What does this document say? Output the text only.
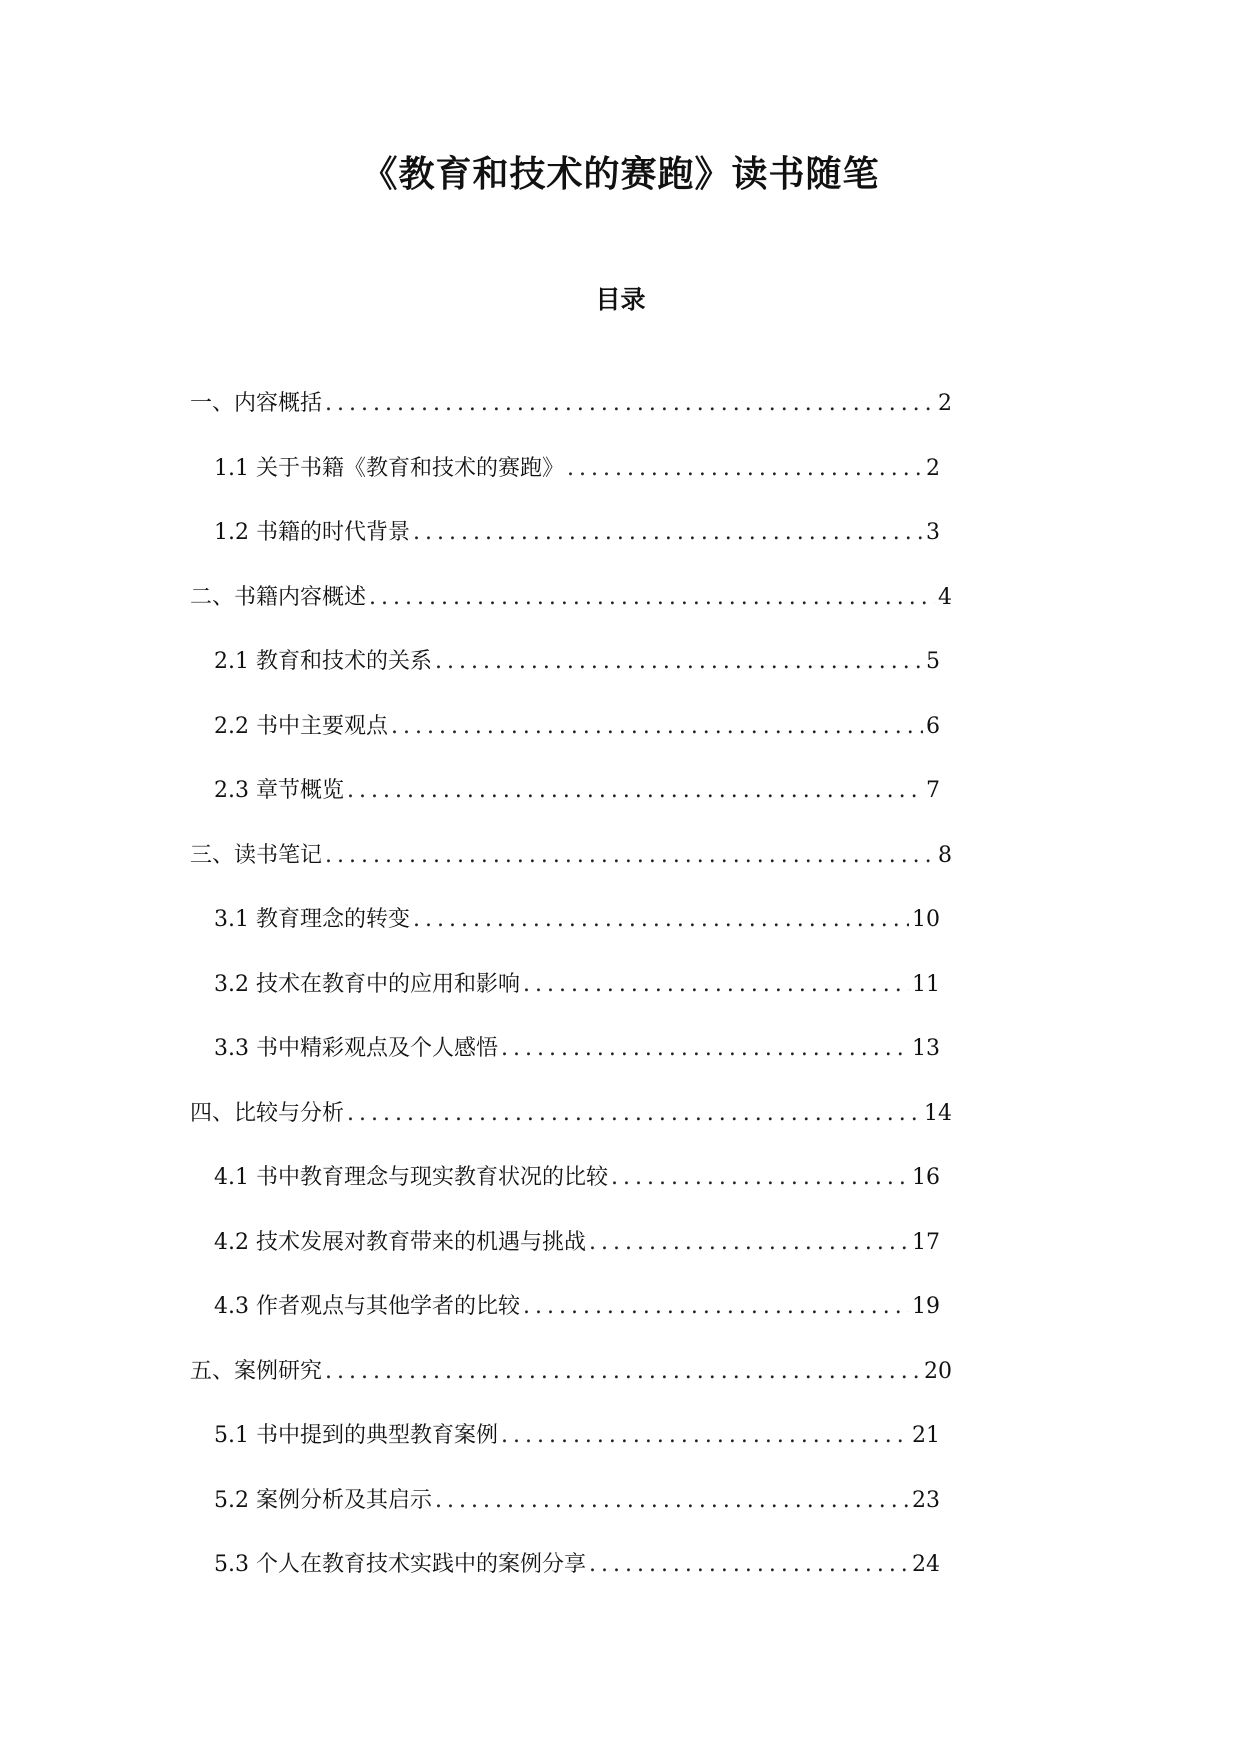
《教育和技术的赛跑》读书随笔
目录
一、内容概括 .....	2
1.1 关于书籍《教育和技术的赛跑》 .....	2
1.2 书籍的时代背景 .....	3
二、书籍内容概述 .....	4
2.1 教育和技术的关系 .....	5
2.2 书中主要观点 .....	6
2.3 章节概览 .....	7
三、读书笔记 .....	8
3.1 教育理念的转变 .....	10
3.2 技术在教育中的应用和影响 .....	11
3.3 书中精彩观点及个人感悟 .....	13
四、比较与分析 .....	14
4.1 书中教育理念与现实教育状况的比较 .....	16
4.2 技术发展对教育带来的机遇与挑战 .....	17
4.3 作者观点与其他学者的比较 .....	19
五、案例研究 .....	20
5.1 书中提到的典型教育案例 .....	21
5.2 案例分析及其启示 .....	23
5.3 个人在教育技术实践中的案例分享 .....	24
